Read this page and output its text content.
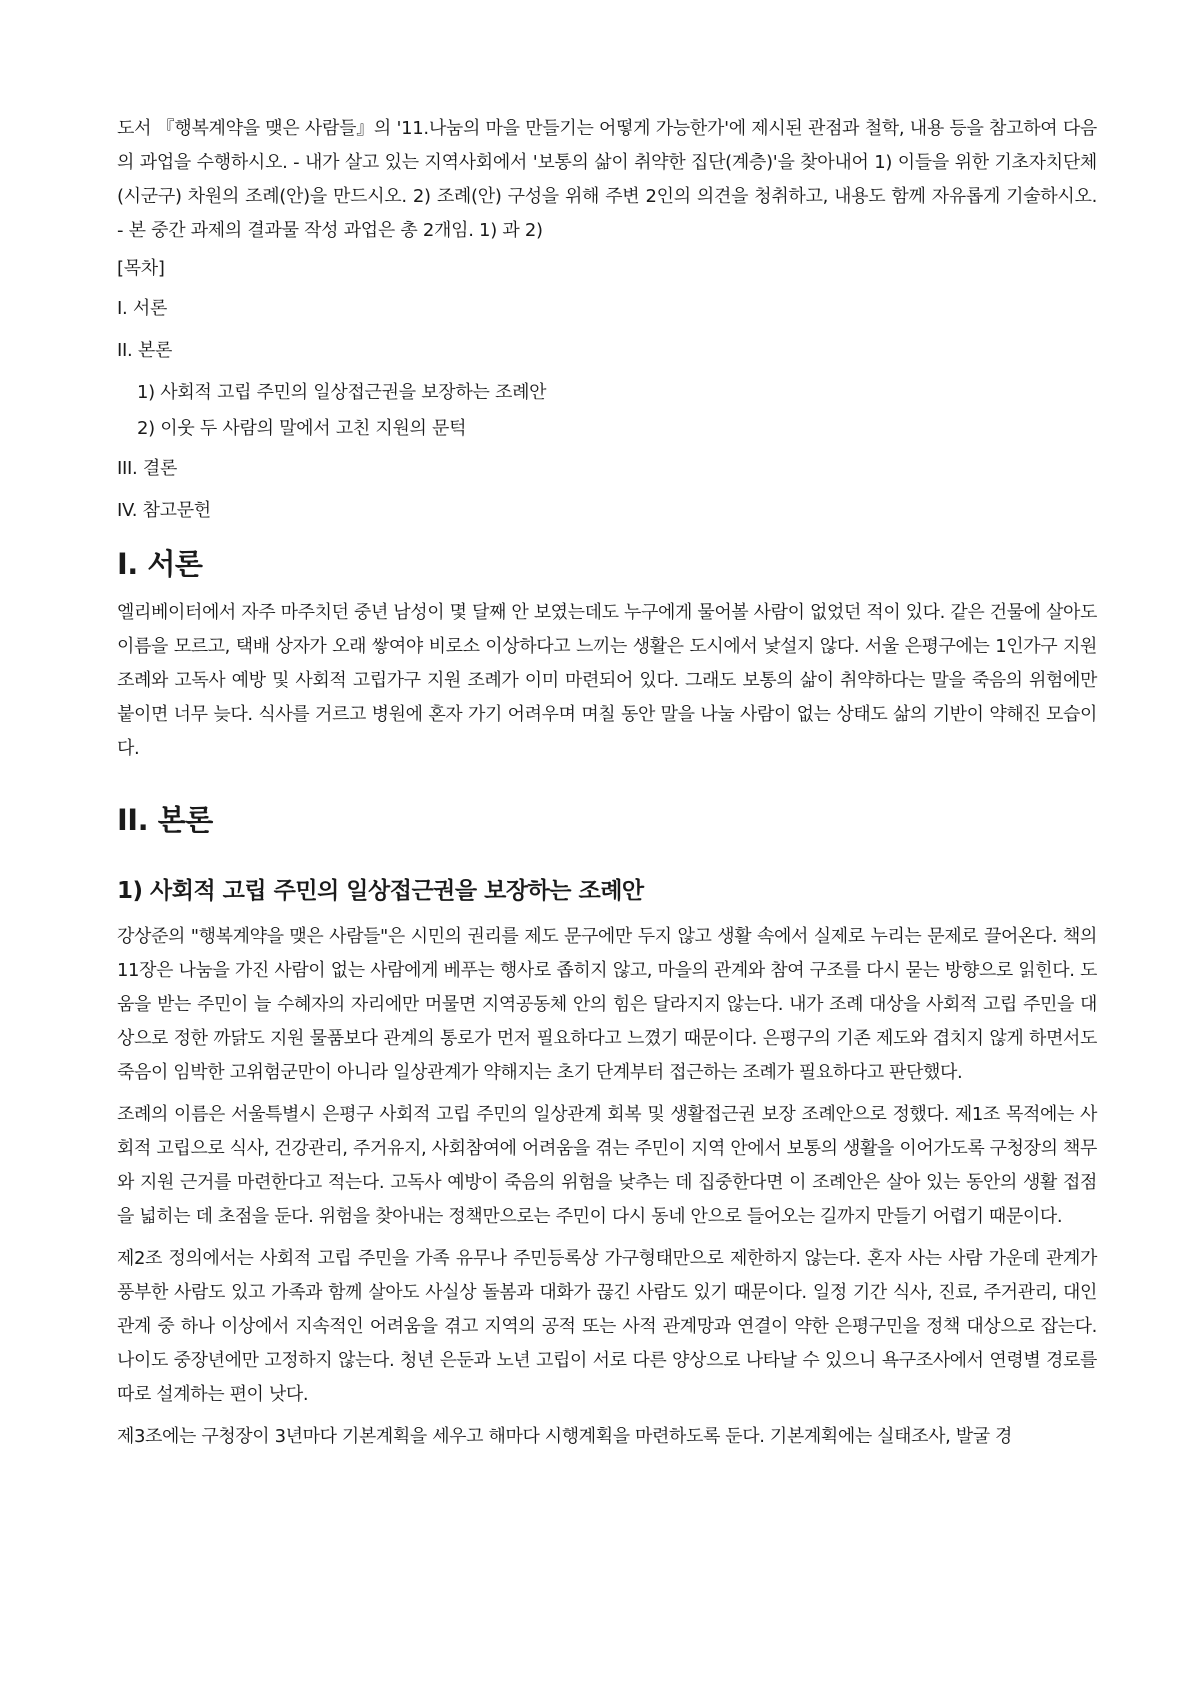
도서 『행복계약을 맺은 사람들』의 '11.나눔의 마을 만들기는 어떻게 가능한가'에 제시된 관점과 철학, 내용 등을 참고하여 다음의 과업을 수행하시오. - 내가 살고 있는 지역사회에서 '보통의 삶이 취약한 집단(계층)'을 찾아내어 1) 이들을 위한 기초자치단체(시군구) 차원의 조례(안)을 만드시오. 2) 조례(안) 구성을 위해 주변 2인의 의견을 청취하고, 내용도 함께 자유롭게 기술하시오. - 본 중간 과제의 결과물 작성 과업은 총 2개임. 1) 과 2)

[목차]
I. 서론
II. 본론
1) 사회적 고립 주민의 일상접근권을 보장하는 조례안
2) 이웃 두 사람의 말에서 고친 지원의 문턱
III. 결론
IV. 참고문헌
I. 서론

엘리베이터에서 자주 마주치던 중년 남성이 몇 달째 안 보였는데도 누구에게 물어볼 사람이 없었던 적이 있다. 같은 건물에 살아도 이름을 모르고, 택배 상자가 오래 쌓여야 비로소 이상하다고 느끼는 생활은 도시에서 낯설지 않다. 서울 은평구에는 1인가구 지원 조례와 고독사 예방 및 사회적 고립가구 지원 조례가 이미 마련되어 있다. 그래도 보통의 삶이 취약하다는 말을 죽음의 위험에만 붙이면 너무 늦다. 식사를 거르고 병원에 혼자 가기 어려우며 며칠 동안 말을 나눌 사람이 없는 상태도 삶의 기반이 약해진 모습이다.

II. 본론
1) 사회적 고립 주민의 일상접근권을 보장하는 조례안

강상준의 "행복계약을 맺은 사람들"은 시민의 권리를 제도 문구에만 두지 않고 생활 속에서 실제로 누리는 문제로 끌어온다. 책의 11장은 나눔을 가진 사람이 없는 사람에게 베푸는 행사로 좁히지 않고, 마을의 관계와 참여 구조를 다시 묻는 방향으로 읽힌다. 도움을 받는 주민이 늘 수혜자의 자리에만 머물면 지역공동체 안의 힘은 달라지지 않는다. 내가 조례 대상을 사회적 고립 주민을 대상으로 정한 까닭도 지원 물품보다 관계의 통로가 먼저 필요하다고 느꼈기 때문이다. 은평구의 기존 제도와 겹치지 않게 하면서도 죽음이 임박한 고위험군만이 아니라 일상관계가 약해지는 초기 단계부터 접근하는 조례가 필요하다고 판단했다.

조례의 이름은 서울특별시 은평구 사회적 고립 주민의 일상관계 회복 및 생활접근권 보장 조례안으로 정했다. 제1조 목적에는 사회적 고립으로 식사, 건강관리, 주거유지, 사회참여에 어려움을 겪는 주민이 지역 안에서 보통의 생활을 이어가도록 구청장의 책무와 지원 근거를 마련한다고 적는다. 고독사 예방이 죽음의 위험을 낮추는 데 집중한다면 이 조례안은 살아 있는 동안의 생활 접점을 넓히는 데 초점을 둔다. 위험을 찾아내는 정책만으로는 주민이 다시 동네 안으로 들어오는 길까지 만들기 어렵기 때문이다.

제2조 정의에서는 사회적 고립 주민을 가족 유무나 주민등록상 가구형태만으로 제한하지 않는다. 혼자 사는 사람 가운데 관계가 풍부한 사람도 있고 가족과 함께 살아도 사실상 돌봄과 대화가 끊긴 사람도 있기 때문이다. 일정 기간 식사, 진료, 주거관리, 대인관계 중 하나 이상에서 지속적인 어려움을 겪고 지역의 공적 또는 사적 관계망과 연결이 약한 은평구민을 정책 대상으로 잡는다. 나이도 중장년에만 고정하지 않는다. 청년 은둔과 노년 고립이 서로 다른 양상으로 나타날 수 있으니 욕구조사에서 연령별 경로를 따로 설계하는 편이 낫다.

제3조에는 구청장이 3년마다 기본계획을 세우고 해마다 시행계획을 마련하도록 둔다. 기본계획에는 실태조사, 발굴 경
